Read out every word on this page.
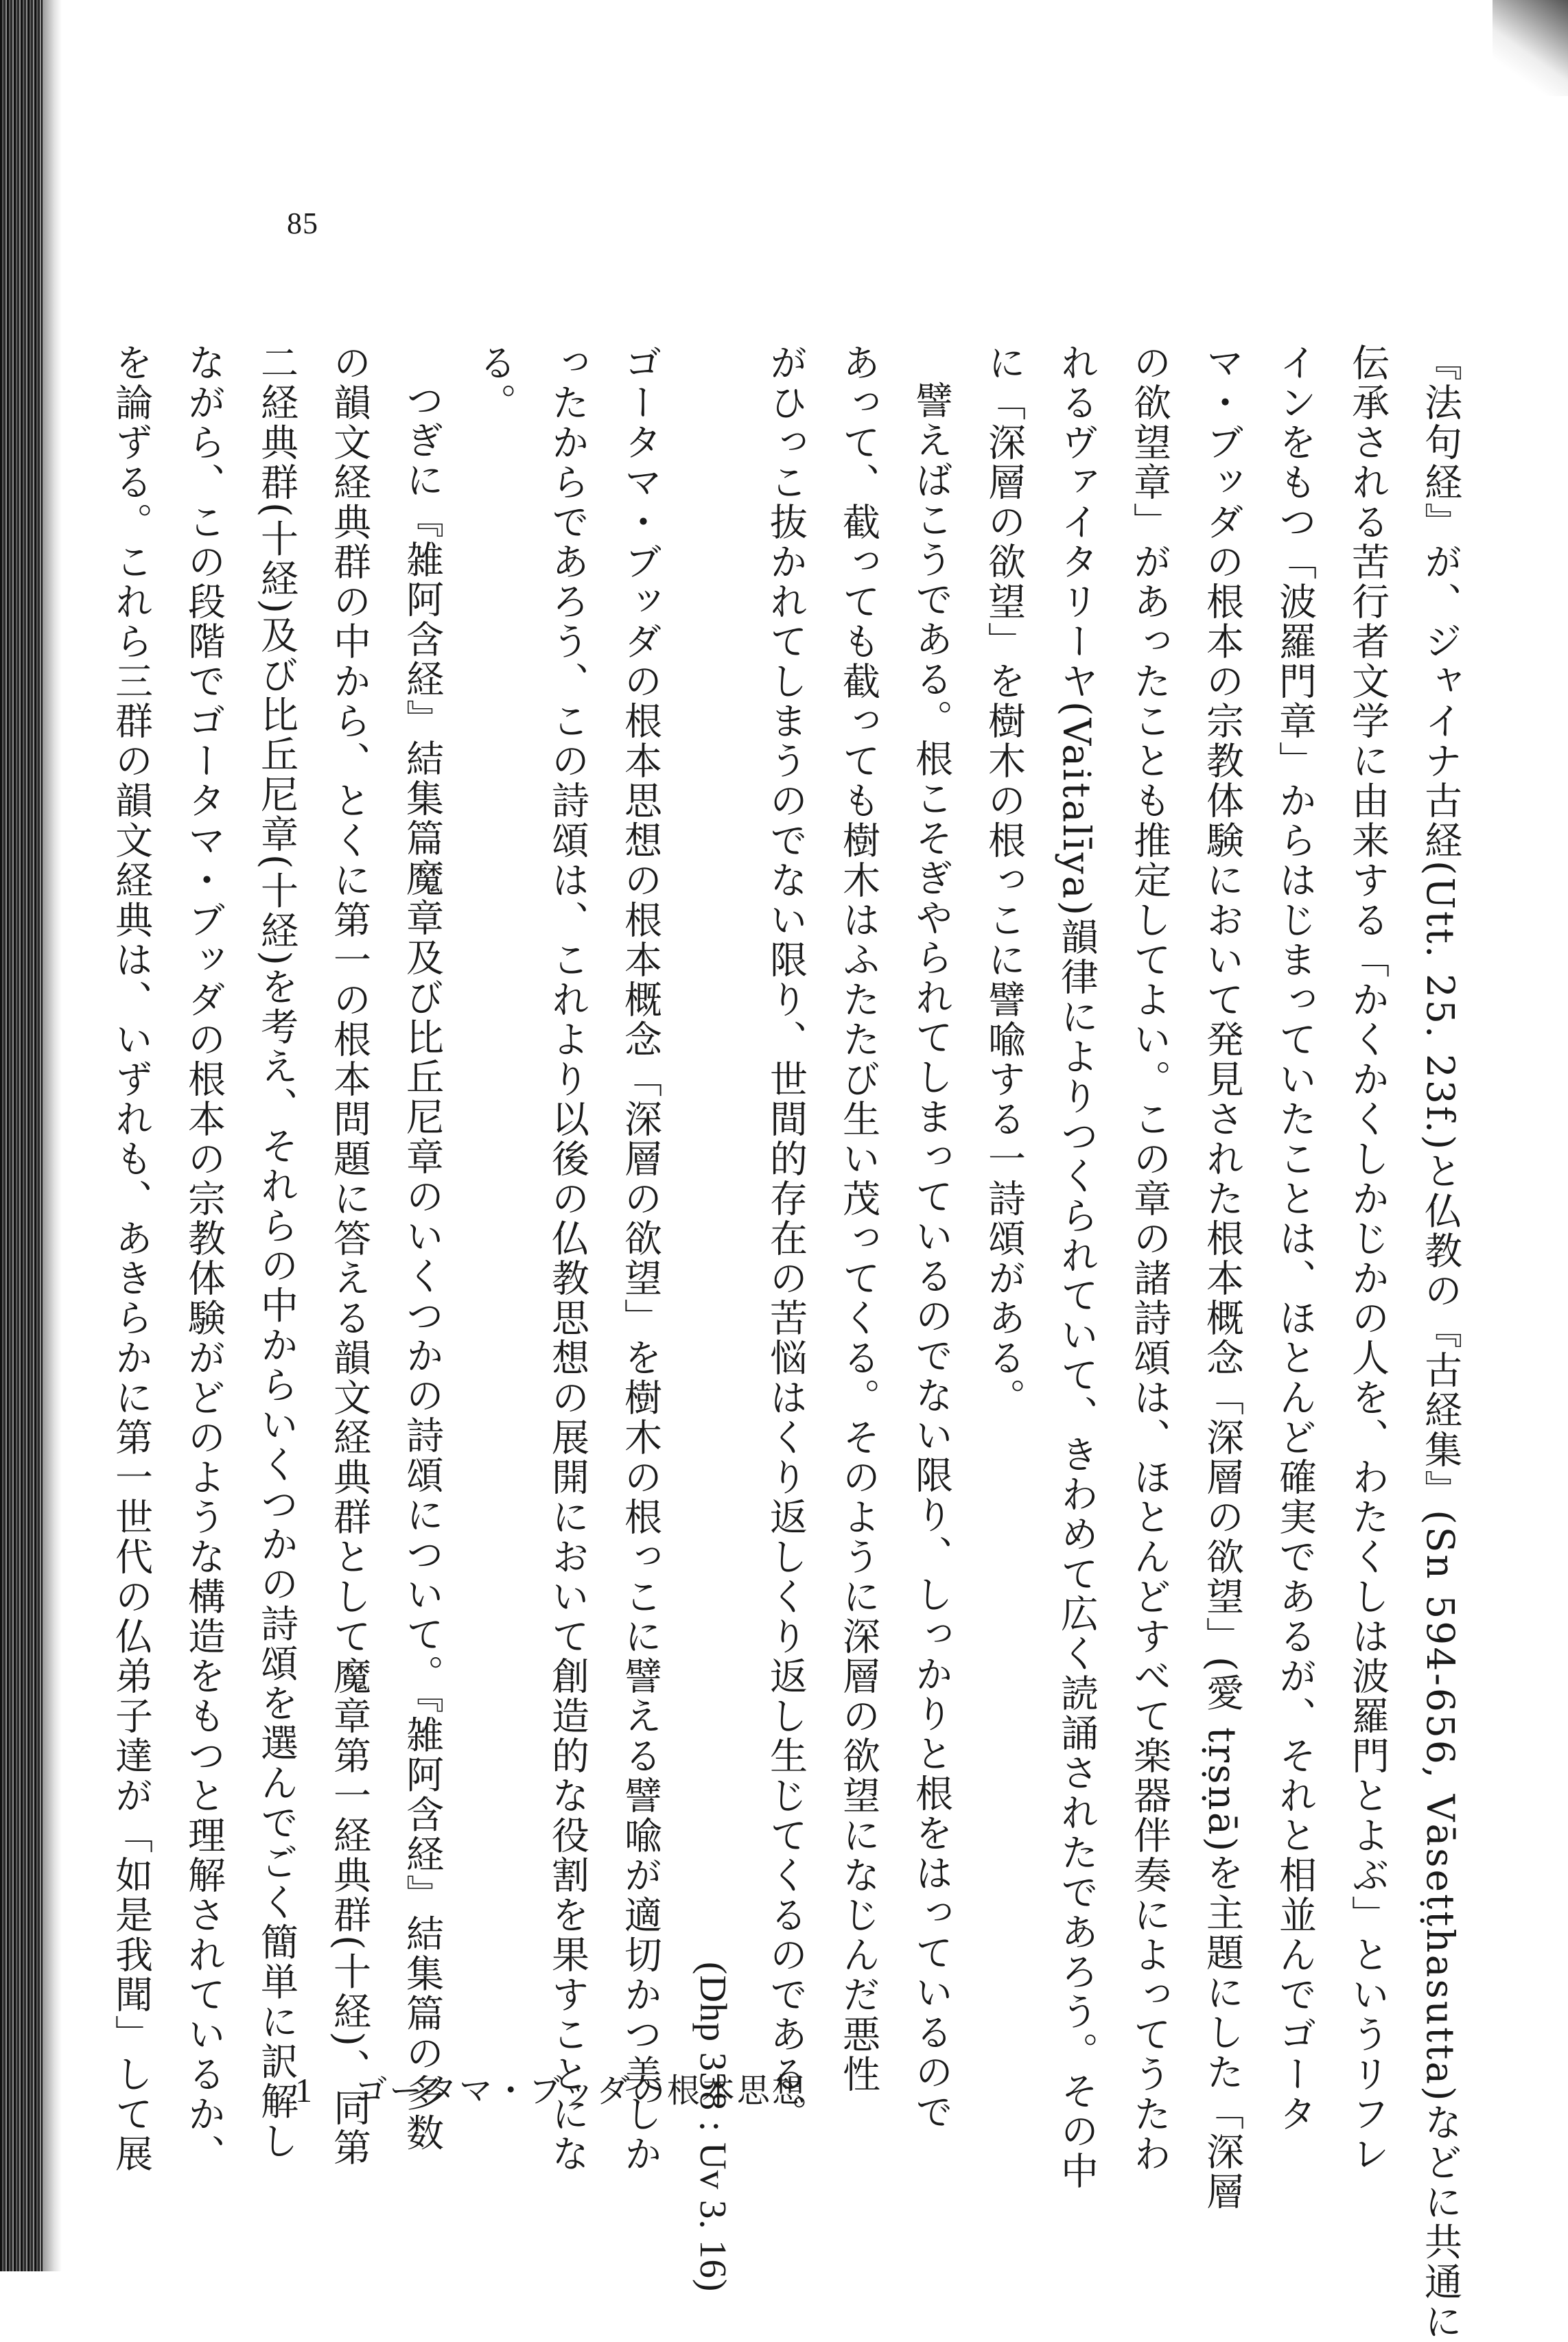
85
『法句経』が、ジャイナ古経(Utt. 25. 23f.)と仏教の『古経集』(Sn 594-656, Vāseṭṭhasutta)などに共通に
伝承される苦行者文学に由来する「かくかくしかじかの人を、わたくしは波羅門とよぶ」というリフレ
インをもつ「波羅門章」からはじまっていたことは、ほとんど確実であるが、それと相並んでゴータ
マ・ブッダの根本の宗教体験において発見された根本概念「深層の欲望」(愛 tṛṣṇā)を主題にした「深層
の欲望章」があったことも推定してよい。この章の諸詩頌は、ほとんどすべて楽器伴奏によってうたわ
れるヴァイタリーヤ(Vaitalīya)韻律によりつくられていて、きわめて広く読誦されたであろう。その中
に「深層の欲望」を樹木の根っこに譬喩する一詩頌がある。
譬えばこうである。根こそぎやられてしまっているのでない限り、しっかりと根をはっているので
あって、截っても截っても樹木はふたたび生い茂ってくる。そのように深層の欲望になじんだ悪性
がひっこ抜かれてしまうのでない限り、世間的存在の苦悩はくり返しくり返し生じてくるのである。
(Dhp 338 : Uv 3. 16)
ゴータマ・ブッダの根本思想の根本概念「深層の欲望」を樹木の根っこに譬える譬喩が適切かつ美しか
ったからであろう、この詩頌は、これより以後の仏教思想の展開において創造的な役割を果すことにな
る。
つぎに『雑阿含経』結集篇魔章及び比丘尼章のいくつかの詩頌について。『雑阿含経』結集篇の多数
の韻文経典群の中から、とくに第一の根本問題に答える韻文経典群として魔章第一経典群(十経)、同第
二経典群(十経)及び比丘尼章(十経)を考え、それらの中からいくつかの詩頌を選んでごく簡単に訳解し
ながら、この段階でゴータマ・ブッダの根本の宗教体験がどのような構造をもつと理解されているか、
を論ずる。これら三群の韻文経典は、いずれも、あきらかに第一世代の仏弟子達が「如是我聞」して展	1 ゴータマ・ブッダの根本思想
